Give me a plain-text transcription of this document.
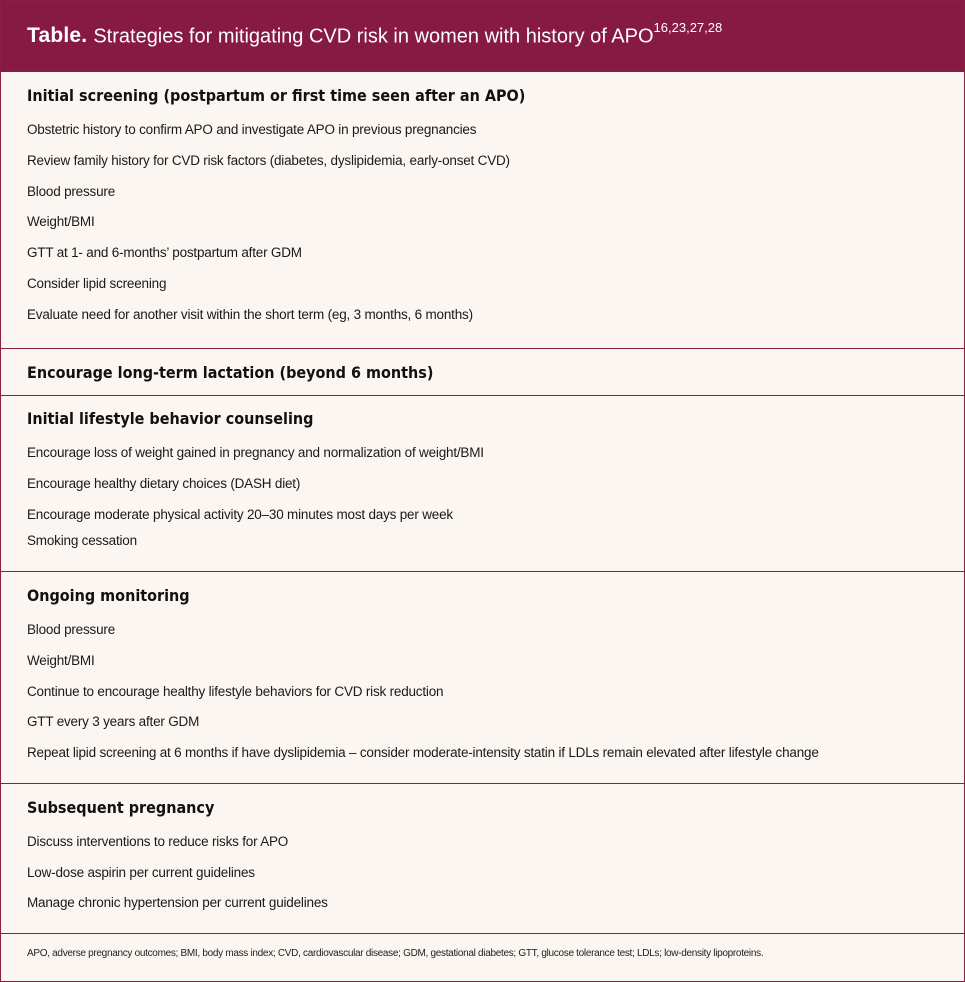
Table. Strategies for mitigating CVD risk in women with history of APO$^{16,23,27,28}$
Initial screening (postpartum or first time seen after an APO)
Obstetric history to confirm APO and investigate APO in previous pregnancies
Review family history for CVD risk factors (diabetes, dyslipidemia, early-onset CVD)
Blood pressure
Weight/BMI
GTT at 1- and 6-months’ postpartum after GDM
Consider lipid screening
Evaluate need for another visit within the short term (eg, 3 months, 6 months)
Encourage long-term lactation (beyond 6 months)
Initial lifestyle behavior counseling
Encourage loss of weight gained in pregnancy and normalization of weight/BMI
Encourage healthy dietary choices (DASH diet)
Encourage moderate physical activity 20–30 minutes most days per week
Smoking cessation
Ongoing monitoring
Blood pressure
Weight/BMI
Continue to encourage healthy lifestyle behaviors for CVD risk reduction
GTT every 3 years after GDM
Repeat lipid screening at 6 months if have dyslipidemia – consider moderate-intensity statin if LDLs remain elevated after lifestyle change
Subsequent pregnancy
Discuss interventions to reduce risks for APO
Low-dose aspirin per current guidelines
Manage chronic hypertension per current guidelines
APO, adverse pregnancy outcomes; BMI, body mass index; CVD, cardiovascular disease; GDM, gestational diabetes; GTT, glucose tolerance test; LDLs; low-density lipoproteins.
